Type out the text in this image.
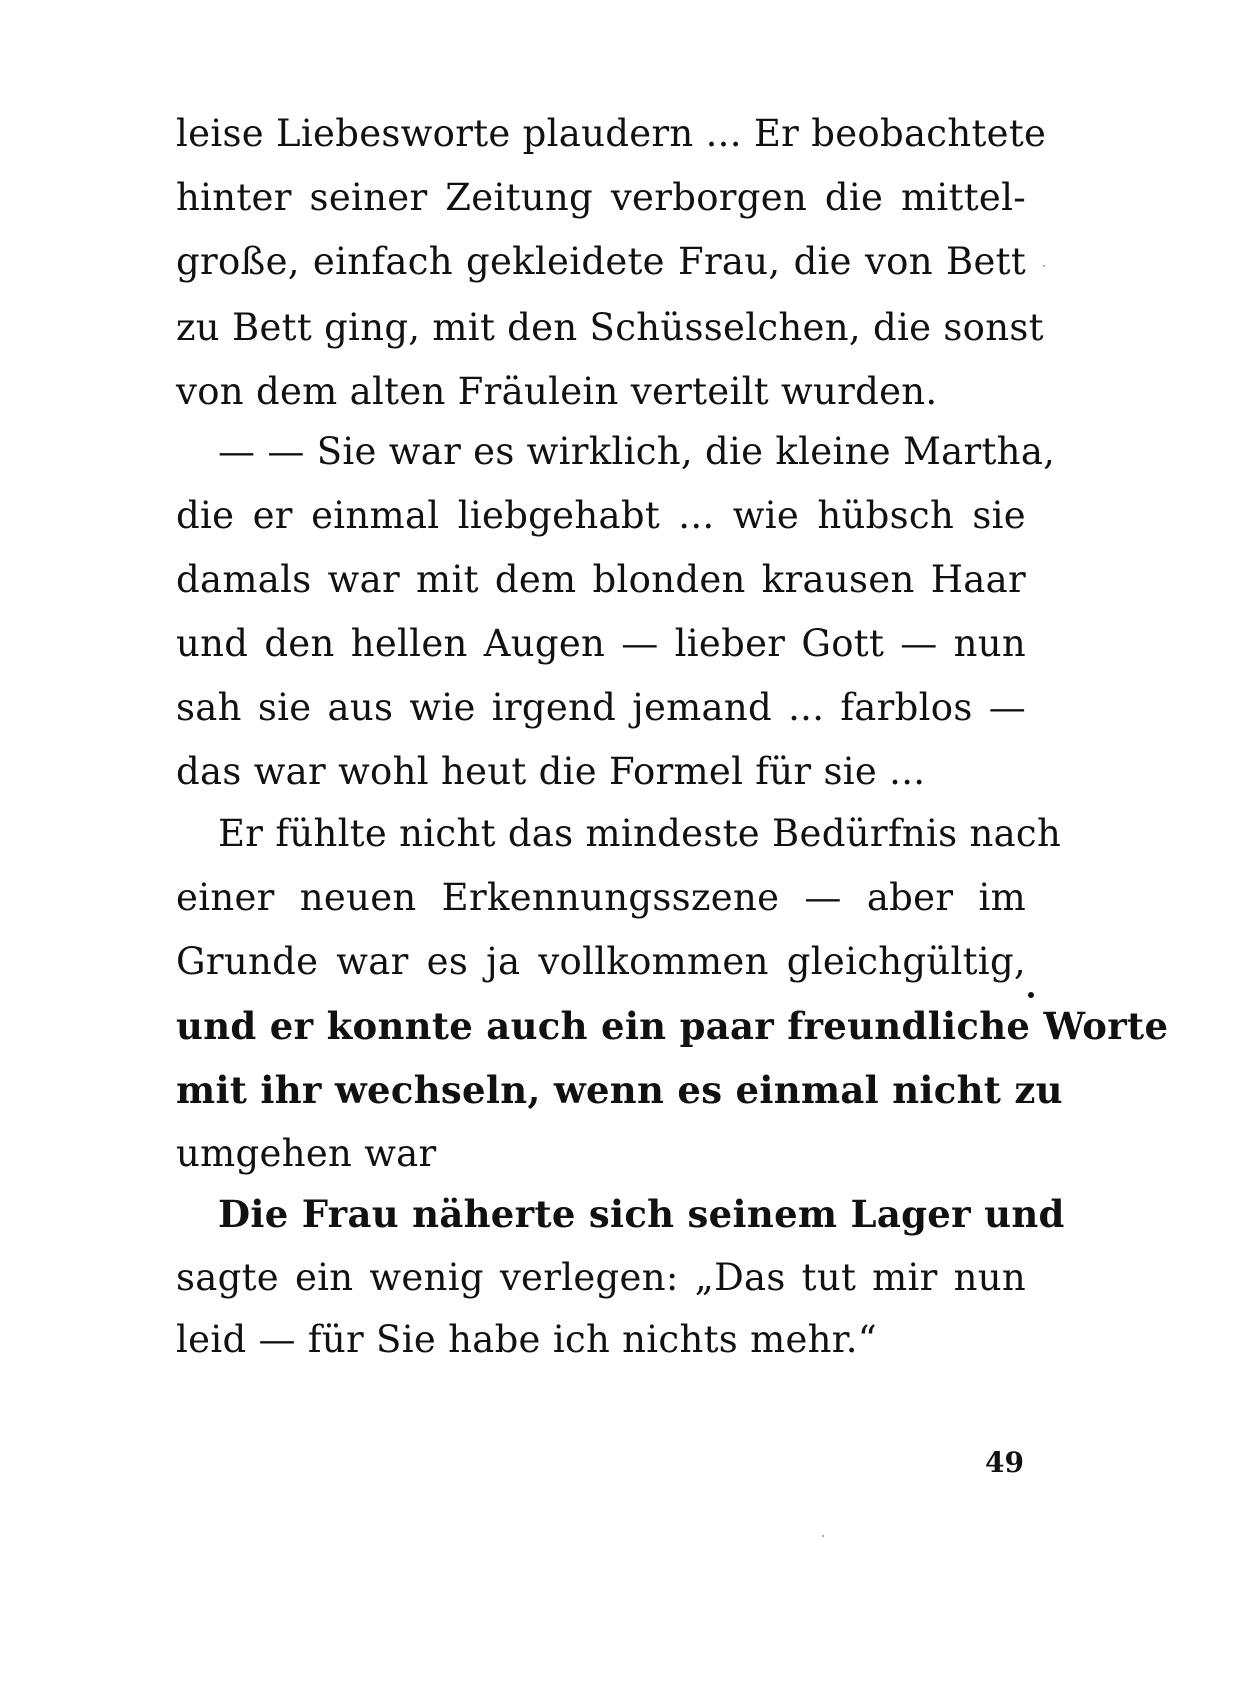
leise Liebesworte plaudern ... Er beobachtete
hinter seiner Zeitung verborgen die mittel-
große, einfach gekleidete Frau, die von Bett
zu Bett ging, mit den Schüsselchen, die sonst
von dem alten Fräulein verteilt wurden.
— — Sie war es wirklich, die kleine Martha,
die er einmal liebgehabt ... wie hübsch sie
damals war mit dem blonden krausen Haar
und den hellen Augen — lieber Gott — nun
sah sie aus wie irgend jemand ... farblos —
das war wohl heut die Formel für sie ...
Er fühlte nicht das mindeste Bedürfnis nach
einer neuen Erkennungsszene — aber im
Grunde war es ja vollkommen gleichgültig,
und er konnte auch ein paar freundliche Worte
mit ihr wechseln, wenn es einmal nicht zu
umgehen war
Die Frau näherte sich seinem Lager und
sagte ein wenig verlegen: „Das tut mir nun
leid — für Sie habe ich nichts mehr.“
49
